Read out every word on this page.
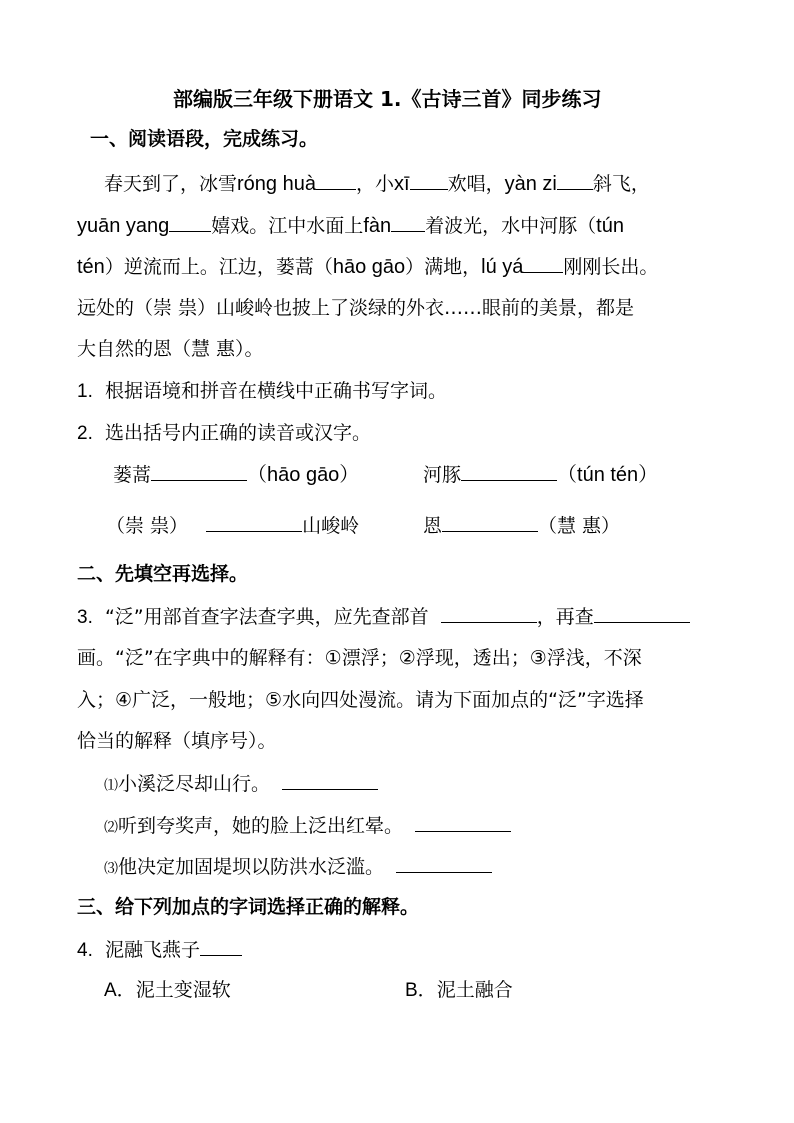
部编版三年级下册语文 1.《古诗三首》同步练习
一、阅读语段，完成练习。
春天到了，冰雪róng huà ，小xī 欢唱，yàn zi 斜飞，
yuān yang 嬉戏。江中水面上fàn 着波光，水中河豚（tún
tén）逆流而上。江边，蒌蒿（hāo gāo）满地，lú yá 刚刚长出。
远处的（崇 祟）山峻岭也披上了淡绿的外衣……眼前的美景，都是
大自然的恩（慧 惠）。
1. 根据语境和拼音在横线中正确书写字词。
2. 选出括号内正确的读音或汉字。
蒌蒿	（hāo gāo）	河豚	（tún tén）
（崇 祟）	山峻岭	恩	（慧 惠）
二、先填空再选择。
3. “泛”用部首查字法查字典，应先查部首	，再查
画。“泛”在字典中的解释有：①漂浮；②浮现，透出；③浮浅，不深
入；④广泛，一般地；⑤水向四处漫流。请为下面加点的“泛”字选择
恰当的解释（填序号）。
⑴小溪泛尽却山行。
⑵听到夸奖声，她的脸上泛出红晕。
⑶他决定加固堤坝以防洪水泛滥。
三、给下列加点的字词选择正确的解释。
4. 泥融飞燕子
A．泥土变湿软	B．泥土融合
